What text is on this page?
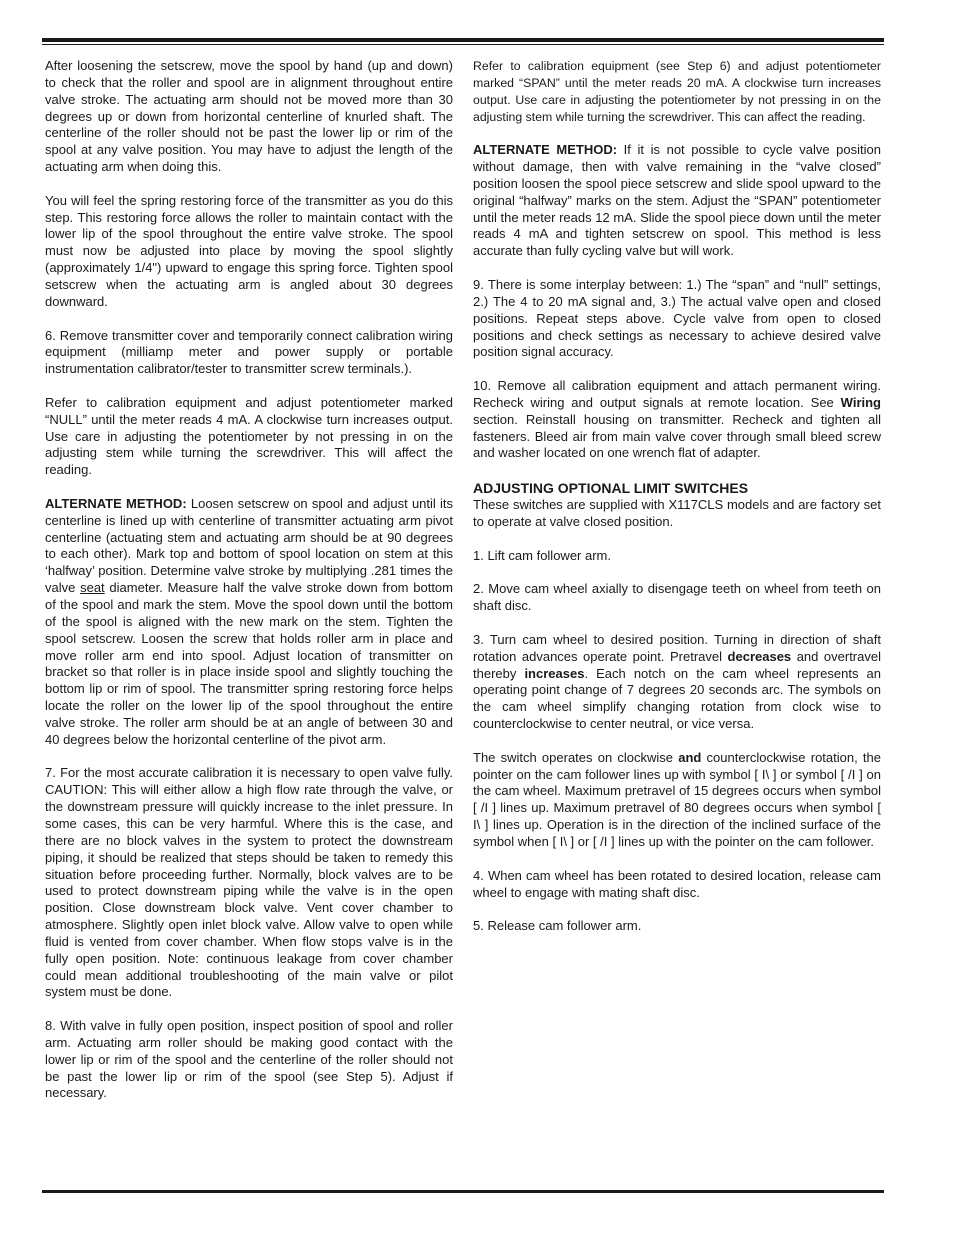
After loosening the setscrew, move the spool by hand (up and down) to check that the roller and spool are in alignment throughout entire valve stroke. The actuating arm should not be moved more than 30 degrees up or down from horizontal centerline of knurled shaft. The centerline of the roller should not be past the lower lip or rim of the spool at any valve position. You may have to adjust the length of the actuating arm when doing this.

You will feel the spring restoring force of the transmitter as you do this step. This restoring force allows the roller to maintain contact with the lower lip of the spool throughout the entire valve stroke. The spool must now be adjusted into place by moving the spool slightly (approximately 1/4") upward to engage this spring force. Tighten spool setscrew when the actuating arm is angled about 30 degrees downward.

6. Remove transmitter cover and temporarily connect calibration wiring equipment (milliamp meter and power supply or portable instrumentation calibrator/tester to transmitter screw terminals.).

Refer to calibration equipment and adjust potentiometer marked “NULL” until the meter reads 4 mA. A clockwise turn increases output. Use care in adjusting the potentiometer by not pressing in on the adjusting stem while turning the screwdriver. This will affect the reading.

ALTERNATE METHOD: Loosen setscrew on spool and adjust until its centerline is lined up with centerline of transmitter actuating arm pivot centerline (actuating stem and actuating arm should be at 90 degrees to each other). Mark top and bottom of spool location on stem at this ‘halfway’ position. Determine valve stroke by multiplying .281 times the valve seat diameter. Measure half the valve stroke down from bottom of the spool and mark the stem. Move the spool down until the bottom of the spool is aligned with the new mark on the stem. Tighten the spool setscrew. Loosen the screw that holds roller arm in place and move roller arm end into spool. Adjust location of transmitter on bracket so that roller is in place inside spool and slightly touching the bottom lip or rim of spool. The transmitter spring restoring force helps locate the roller on the lower lip of the spool throughout the entire valve stroke. The roller arm should be at an angle of between 30 and 40 degrees below the horizontal centerline of the pivot arm.

7. For the most accurate calibration it is necessary to open valve fully. CAUTION: This will either allow a high flow rate through the valve, or the downstream pressure will quickly increase to the inlet pressure. In some cases, this can be very harmful. Where this is the case, and there are no block valves in the system to protect the downstream piping, it should be realized that steps should be taken to remedy this situation before proceeding further. Normally, block valves are to be used to protect downstream piping while the valve is in the open position. Close downstream block valve. Vent cover chamber to atmosphere. Slightly open inlet block valve. Allow valve to open while fluid is vented from cover chamber. When flow stops valve is in the fully open position. Note: continuous leakage from cover chamber could mean additional troubleshooting of the main valve or pilot system must be done.

8. With valve in fully open position, inspect position of spool and roller arm. Actuating arm roller should be making good contact with the lower lip or rim of the spool and the centerline of the roller should not be past the lower lip or rim of the spool (see Step 5). Adjust if necessary.

Refer to calibration equipment (see Step 6) and adjust potentiometer marked “SPAN” until the meter reads 20 mA. A clockwise turn increases output. Use care in adjusting the potentiometer by not pressing in on the adjusting stem while turning the screwdriver. This can affect the reading.

ALTERNATE METHOD: If it is not possible to cycle valve position without damage, then with valve remaining in the “valve closed” position loosen the spool piece setscrew and slide spool upward to the original “halfway” marks on the stem. Adjust the “SPAN” potentiometer until the meter reads 12 mA. Slide the spool piece down until the meter reads 4 mA and tighten setscrew on spool. This method is less accurate than fully cycling valve but will work.

9. There is some interplay between: 1.) The “span” and “null” settings, 2.) The 4 to 20 mA signal and, 3.) The actual valve open and closed positions. Repeat steps above. Cycle valve from open to closed positions and check settings as necessary to achieve desired valve position signal accuracy.

10. Remove all calibration equipment and attach permanent wiring. Recheck wiring and output signals at remote location. See Wiring section. Reinstall housing on transmitter. Recheck and tighten all fasteners. Bleed air from main valve cover through small bleed screw and washer located on one wrench flat of adapter.

ADJUSTING OPTIONAL LIMIT SWITCHES

These switches are supplied with X117CLS models and are factory set to operate at valve closed position.

1. Lift cam follower arm.

2. Move cam wheel axially to disengage teeth on wheel from teeth on shaft disc.

3. Turn cam wheel to desired position. Turning in direction of shaft rotation advances operate point. Pretravel decreases and overtravel thereby increases. Each notch on the cam wheel represents an operating point change of 7 degrees 20 seconds arc. The symbols on the cam wheel simplify changing rotation from clock wise to counterclockwise to center neutral, or vice versa.

The switch operates on clockwise and counterclockwise rotation, the pointer on the cam follower lines up with symbol [ I\ ] or symbol [ /I ] on the cam wheel. Maximum pretravel of 15 degrees occurs when symbol [ /I ] lines up. Maximum pretravel of 80 degrees occurs when symbol [ I\ ] lines up. Operation is in the direction of the inclined surface of the symbol when [ I\ ] or [ /I ] lines up with the pointer on the cam follower.

4. When cam wheel has been rotated to desired location, release cam wheel to engage with mating shaft disc.

5. Release cam follower arm.
